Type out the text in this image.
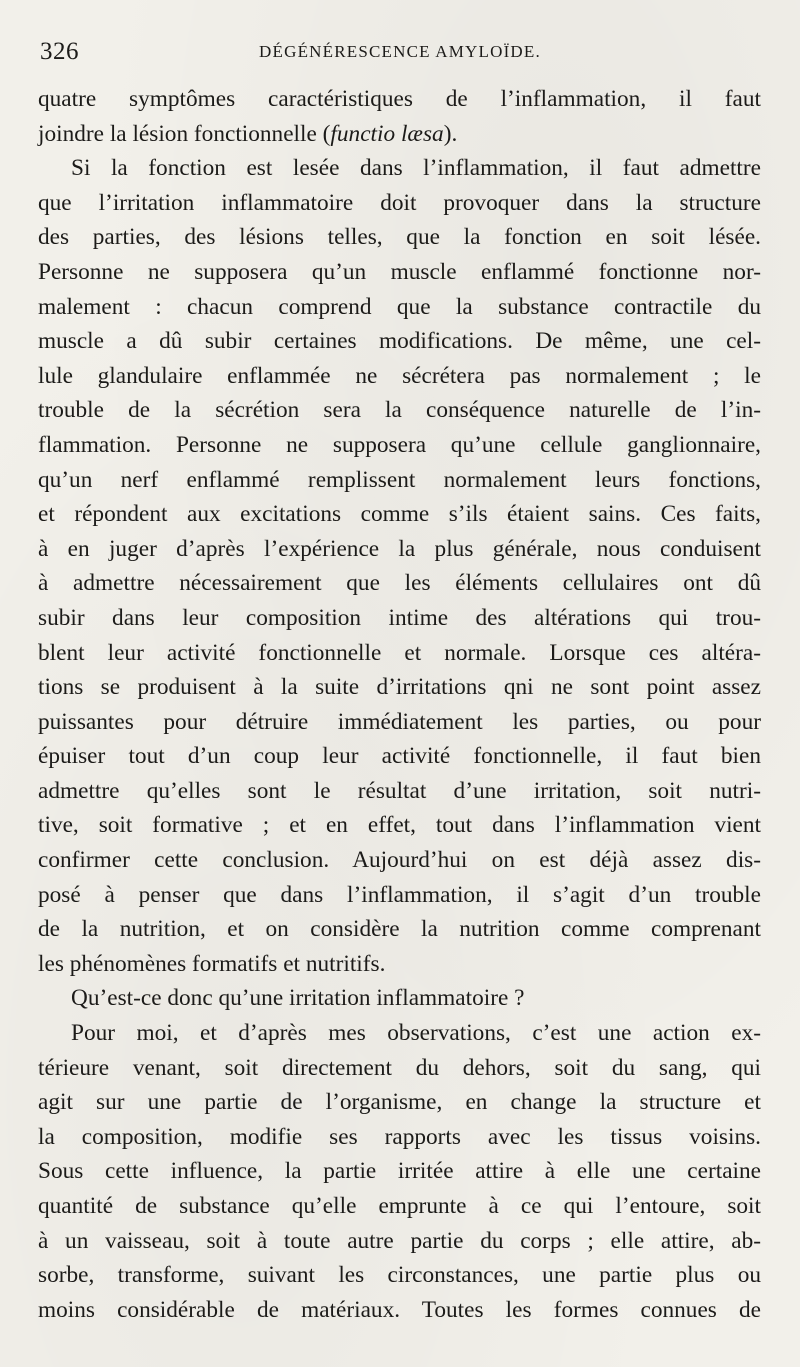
326	DÉGÉNÉRESCENCE AMYLOÏDE.
quatre symptômes caractéristiques de l’inflammation, il faut
joindre la lésion fonctionnelle (functio læsa).
Si la fonction est lesée dans l’inflammation, il faut admettre
que l’irritation inflammatoire doit provoquer dans la structure
des parties, des lésions telles, que la fonction en soit lésée.
Personne ne supposera qu’un muscle enflammé fonctionne nor-
malement : chacun comprend que la substance contractile du
muscle a dû subir certaines modifications. De même, une cel-
lule glandulaire enflammée ne sécrétera pas normalement ; le
trouble de la sécrétion sera la conséquence naturelle de l’in-
flammation. Personne ne supposera qu’une cellule ganglionnaire,
qu’un nerf enflammé remplissent normalement leurs fonctions,
et répondent aux excitations comme s’ils étaient sains. Ces faits,
à en juger d’après l’expérience la plus générale, nous conduisent
à admettre nécessairement que les éléments cellulaires ont dû
subir dans leur composition intime des altérations qui trou-
blent leur activité fonctionnelle et normale. Lorsque ces altéra-
tions se produisent à la suite d’irritations qni ne sont point assez
puissantes pour détruire immédiatement les parties, ou pour
épuiser tout d’un coup leur activité fonctionnelle, il faut bien
admettre qu’elles sont le résultat d’une irritation, soit nutri-
tive, soit formative ; et en effet, tout dans l’inflammation vient
confirmer cette conclusion. Aujourd’hui on est déjà assez dis-
posé à penser que dans l’inflammation, il s’agit d’un trouble
de la nutrition, et on considère la nutrition comme comprenant
les phénomènes formatifs et nutritifs.
Qu’est-ce donc qu’une irritation inflammatoire ?
Pour moi, et d’après mes observations, c’est une action ex-
térieure venant, soit directement du dehors, soit du sang, qui
agit sur une partie de l’organisme, en change la structure et
la composition, modifie ses rapports avec les tissus voisins.
Sous cette influence, la partie irritée attire à elle une certaine
quantité de substance qu’elle emprunte à ce qui l’entoure, soit
à un vaisseau, soit à toute autre partie du corps ; elle attire, ab-
sorbe, transforme, suivant les circonstances, une partie plus ou
moins considérable de matériaux. Toutes les formes connues de
